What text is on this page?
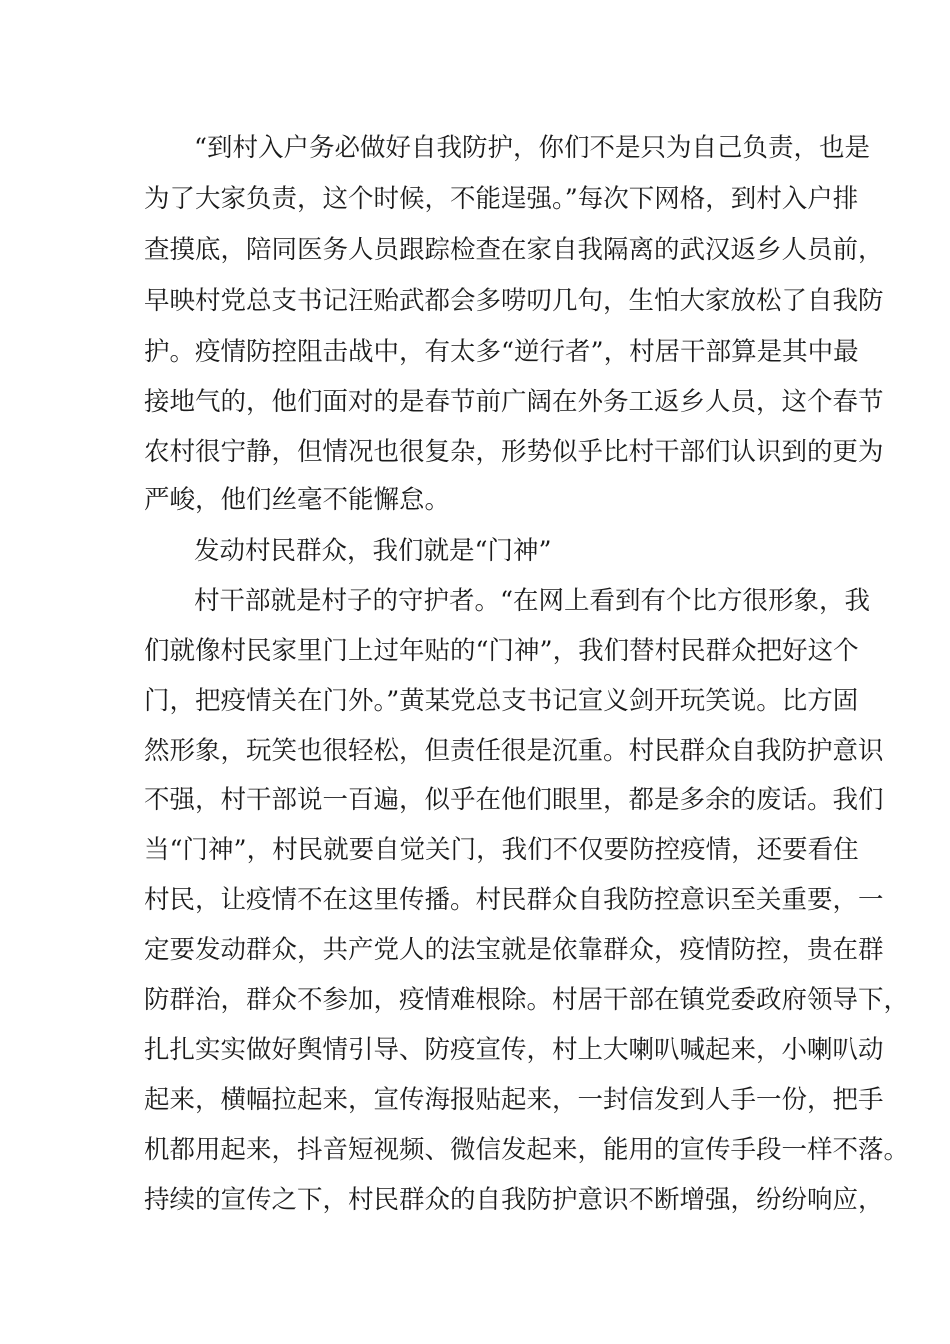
“到村入户务必做好自我防护，你们不是只为自己负责，也是
为了大家负责，这个时候，不能逞强。”每次下网格，到村入户排
查摸底，陪同医务人员跟踪检查在家自我隔离的武汉返乡人员前，
早映村党总支书记汪贻武都会多唠叨几句，生怕大家放松了自我防
护。疫情防控阻击战中，有太多“逆行者”，村居干部算是其中最
接地气的，他们面对的是春节前广阔在外务工返乡人员，这个春节
农村很宁静，但情况也很复杂，形势似乎比村干部们认识到的更为
严峻，他们丝毫不能懈怠。
发动村民群众，我们就是“门神”
村干部就是村子的守护者。“在网上看到有个比方很形象，我
们就像村民家里门上过年贴的“门神”，我们替村民群众把好这个
门，把疫情关在门外。”黄某党总支书记宣义剑开玩笑说。比方固
然形象，玩笑也很轻松，但责任很是沉重。村民群众自我防护意识
不强，村干部说一百遍，似乎在他们眼里，都是多余的废话。我们
当“门神”，村民就要自觉关门，我们不仅要防控疫情，还要看住
村民，让疫情不在这里传播。村民群众自我防控意识至关重要，一
定要发动群众，共产党人的法宝就是依靠群众，疫情防控，贵在群
防群治，群众不参加，疫情难根除。村居干部在镇党委政府领导下，
扎扎实实做好舆情引导、防疫宣传，村上大喇叭喊起来，小喇叭动
起来，横幅拉起来，宣传海报贴起来，一封信发到人手一份，把手
机都用起来，抖音短视频、微信发起来，能用的宣传手段一样不落。
持续的宣传之下，村民群众的自我防护意识不断增强，纷纷响应，
